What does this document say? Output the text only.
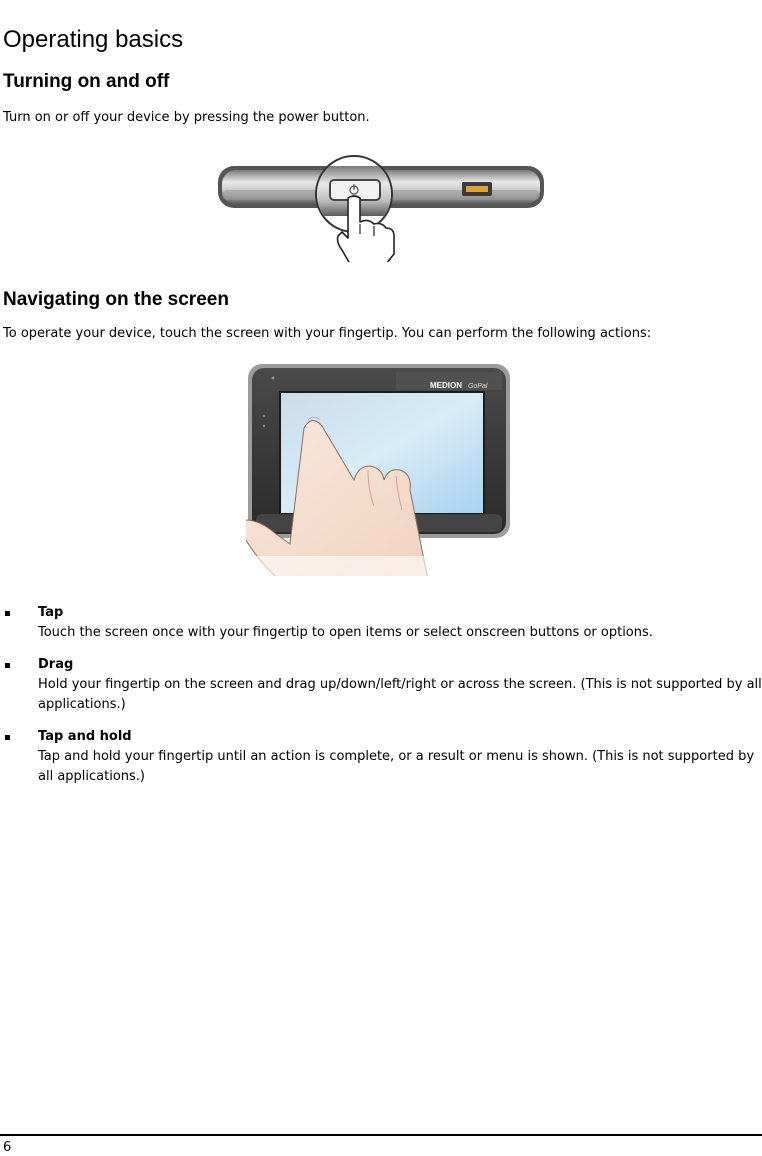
Operating basics
Turning on and off

Turn on or off your device by pressing the power button.

Navigating on the screen

To operate your device, touch the screen with your fingertip. You can perform the following actions:

MEDION GoPal
Tap
Touch the screen once with your fingertip to open items or select onscreen buttons or options.
Drag
Hold your fingertip on the screen and drag up/down/left/right or across the screen. (This is not supported by all applications.)
Tap and hold
Tap and hold your fingertip until an action is complete, or a result or menu is shown. (This is not supported by all applications.)
6
